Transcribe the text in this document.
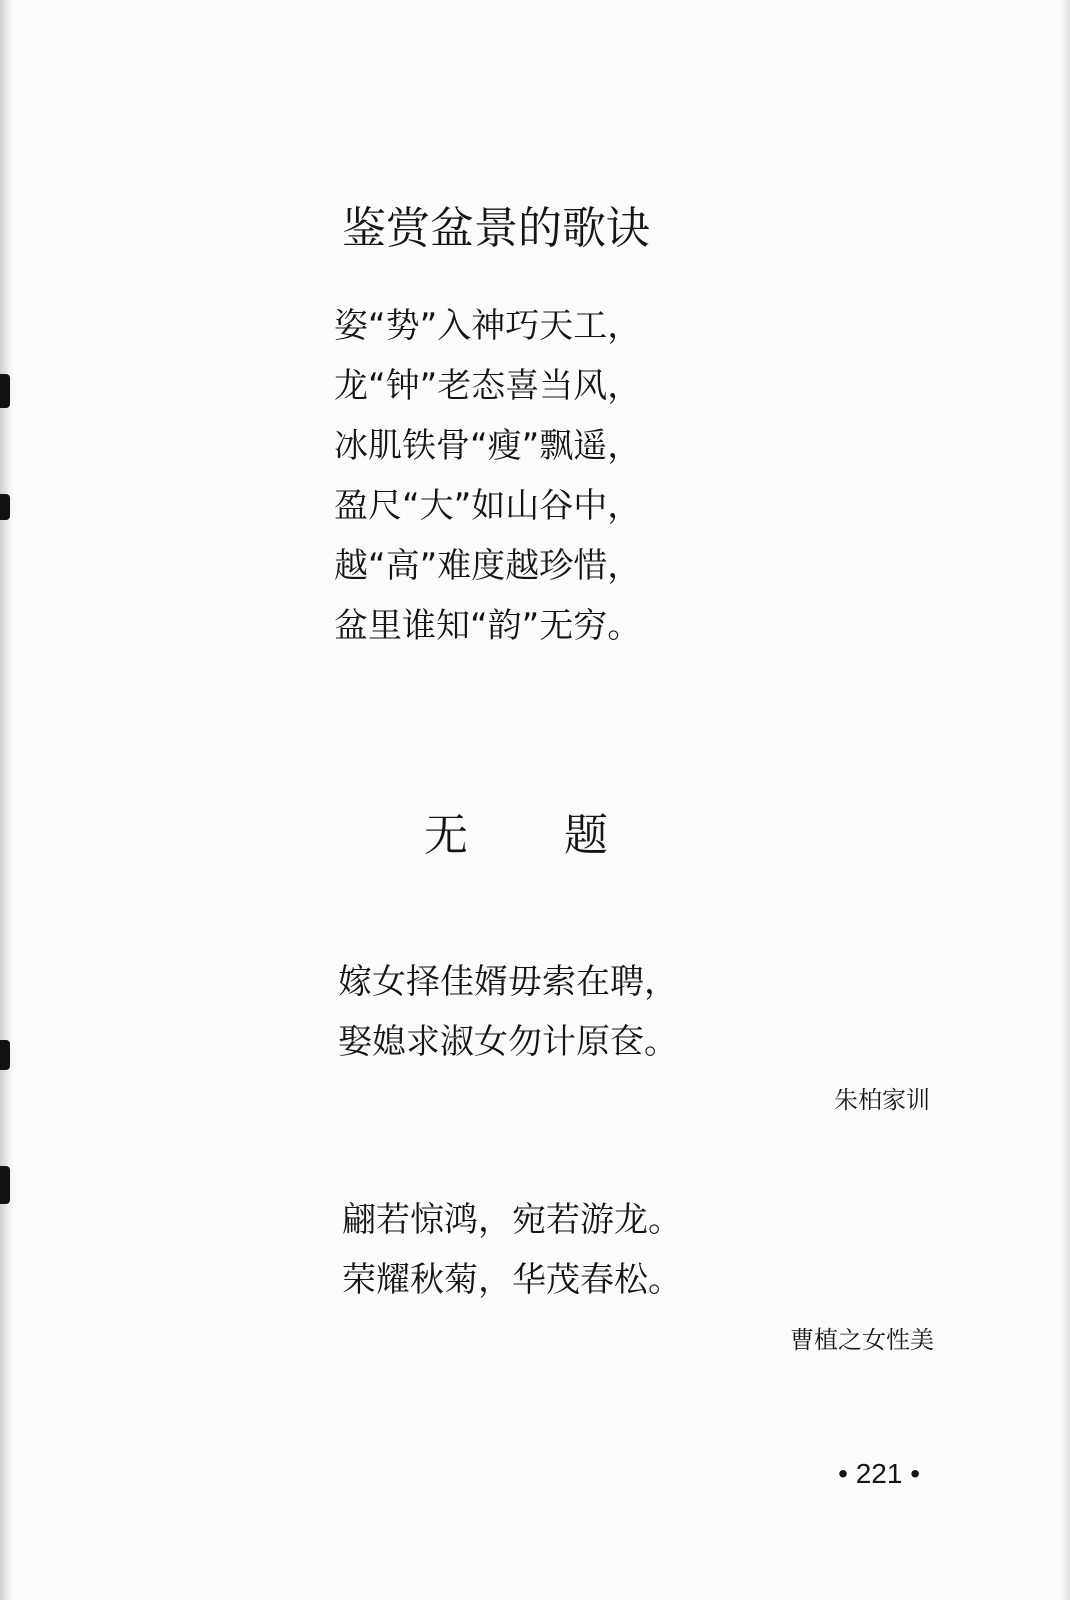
鉴赏盆景的歌诀
姿“势”入神巧天工，
龙“钟”老态喜当风，
冰肌铁骨“瘦”飘遥，
盈尺“大”如山谷中，
越“高”难度越珍惜，
盆里谁知“韵”无穷。
无 题
嫁女择佳婿毋索在聘，
娶媳求淑女勿计原奁。
朱柏家训
翩若惊鸿，宛若游龙。
荣耀秋菊，华茂春松。
曹植之女性美
• 221 •
